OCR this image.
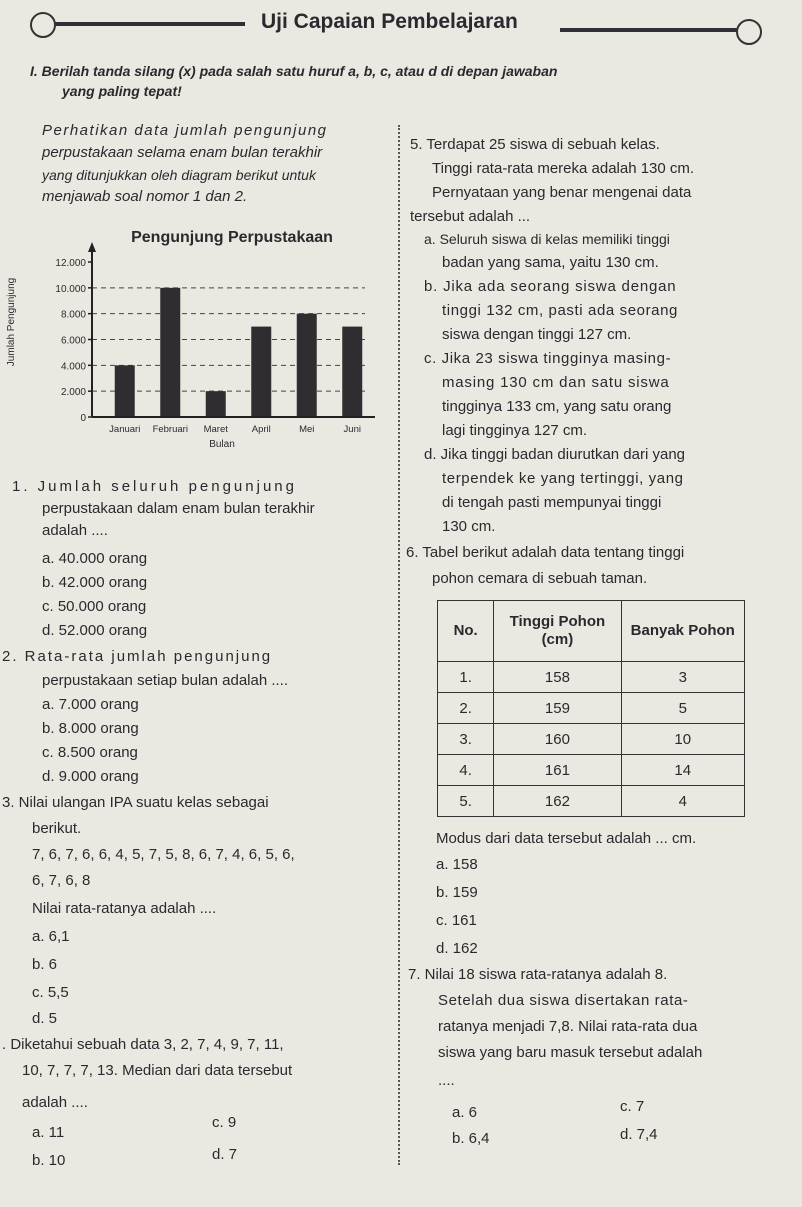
Uji Capaian Pembelajaran
I. Berilah tanda silang (x) pada salah satu huruf a, b, c, atau d di depan jawaban
yang paling tepat!
Perhatikan data jumlah pengunjung
perpustakaan selama enam bulan terakhir
yang ditunjukkan oleh diagram berikut untuk
menjawab soal nomor 1 dan 2.
Pengunjung Perpustakaan
Jumlah Pengunjung
Bulan
0
2.000
4.000
6.000
8.000
10.000
12.000
Januari Februari Maret	April	Mei	Juni
1. Jumlah seluruh pengunjung
perpustakaan dalam enam bulan terakhir
adalah ....
a. 40.000 orang
b. 42.000 orang
c. 50.000 orang
d. 52.000 orang
2. Rata-rata jumlah pengunjung
perpustakaan setiap bulan adalah ....
a. 7.000 orang
b. 8.000 orang
c. 8.500 orang
d. 9.000 orang
3. Nilai ulangan IPA suatu kelas sebagai
berikut.
7, 6, 7, 6, 6, 4, 5, 7, 5, 8, 6, 7, 4, 6, 5, 6,
6, 7, 6, 8
Nilai rata-ratanya adalah ....
a. 6,1
b. 6
c. 5,5
d. 5
. Diketahui sebuah data 3, 2, 7, 4, 9, 7, 11,
10, 7, 7, 7, 13. Median dari data tersebut
adalah ....
a. 11
b. 10
c. 9
d. 7
5. Terdapat 25 siswa di sebuah kelas.
Tinggi rata-rata mereka adalah 130 cm.
Pernyataan yang benar mengenai data
tersebut adalah ...
a. Seluruh siswa di kelas memiliki tinggi
badan yang sama, yaitu 130 cm.
b. Jika ada seorang siswa dengan
tinggi 132 cm, pasti ada seorang
siswa dengan tinggi 127 cm.
c. Jika 23 siswa tingginya masing-
masing 130 cm dan satu siswa
tingginya 133 cm, yang satu orang
lagi tingginya 127 cm.
d. Jika tinggi badan diurutkan dari yang
terpendek ke yang tertinggi, yang
di tengah pasti mempunyai tinggi
130 cm.
6. Tabel berikut adalah data tentang tinggi
pohon cemara di sebuah taman.
No.	Tinggi Pohon (cm)	Banyak Pohon
1.	158	3
2.	159	5
3.	160	10
4.	161	14
5.	162	4
Modus dari data tersebut adalah ... cm.
a. 158
b. 159
c. 161
d. 162
7. Nilai 18 siswa rata-ratanya adalah 8.
Setelah dua siswa disertakan rata-
ratanya menjadi 7,8. Nilai rata-rata dua
siswa yang baru masuk tersebut adalah
....
a. 6
b. 6,4
c. 7
d. 7,4
